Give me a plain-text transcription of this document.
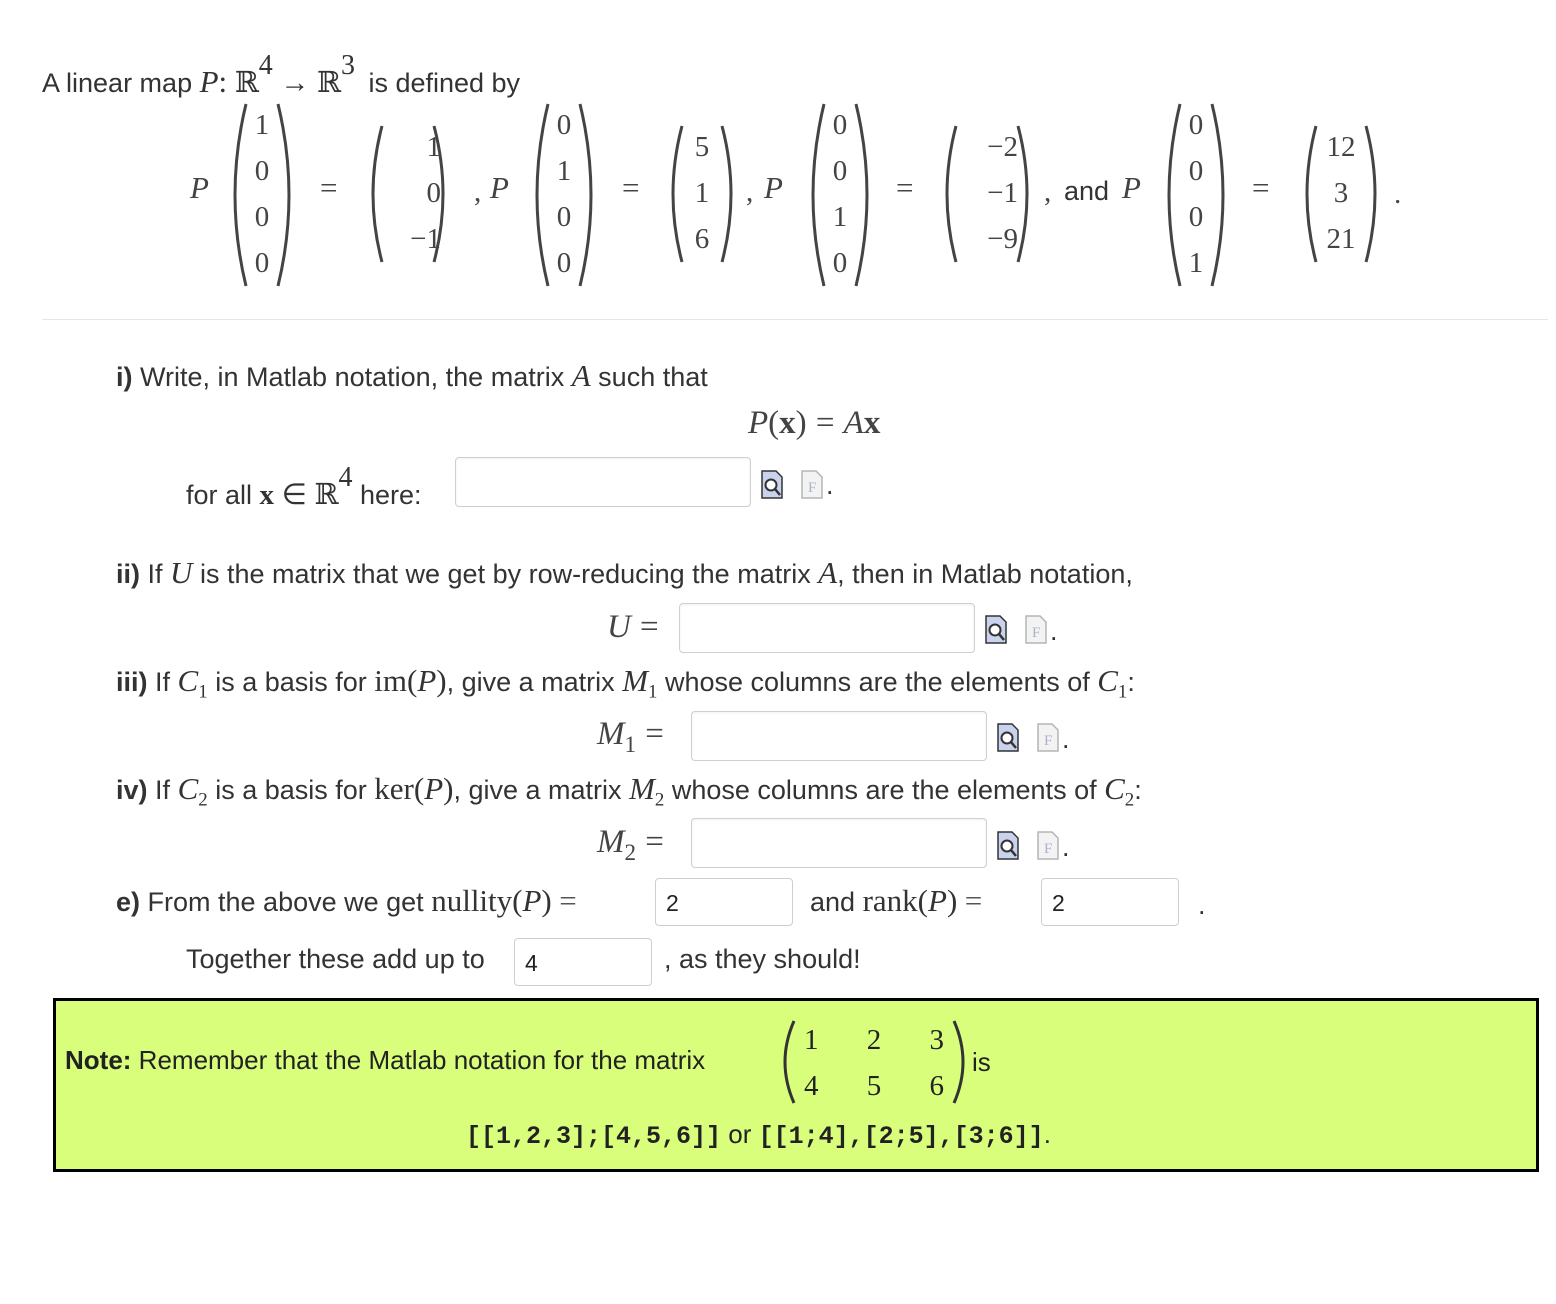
A linear map P: ℝ4 → ℝ3 is defined by
P
1
0
0
0
=
1
0
−1
, P
0
1
0
0
=
5
1
6
, P
0
0
1
0
=
−2
−1
−9
, and P
0
0
0
1
=
12
3
21
.
i) Write, in Matlab notation, the matrix A such that
P(x) = Ax
for all x ∈ ℝ4 here:	F .
ii) If U is the matrix that we get by row-reducing the matrix A, then in Matlab notation,
U =	F .
iii) If $C_1$ is a basis for im(P), give a matrix $M_1$ whose columns are the elements of $C_1$:
$M_1$ =	F .
iv) If $C_2$ is a basis for ker(P), give a matrix $M_2$ whose columns are the elements of $C_2$:
$M_2$ =	F .
e) From the above we get nullity(P) =	2	and rank(P) =	2	.
Together these add up to	4	, as they should!
Note: Remember that the Matlab notation for the matrix
1 2 3
4 5 6
is
[[1,2,3];[4,5,6]] or [[1;4],[2;5],[3;6]].
